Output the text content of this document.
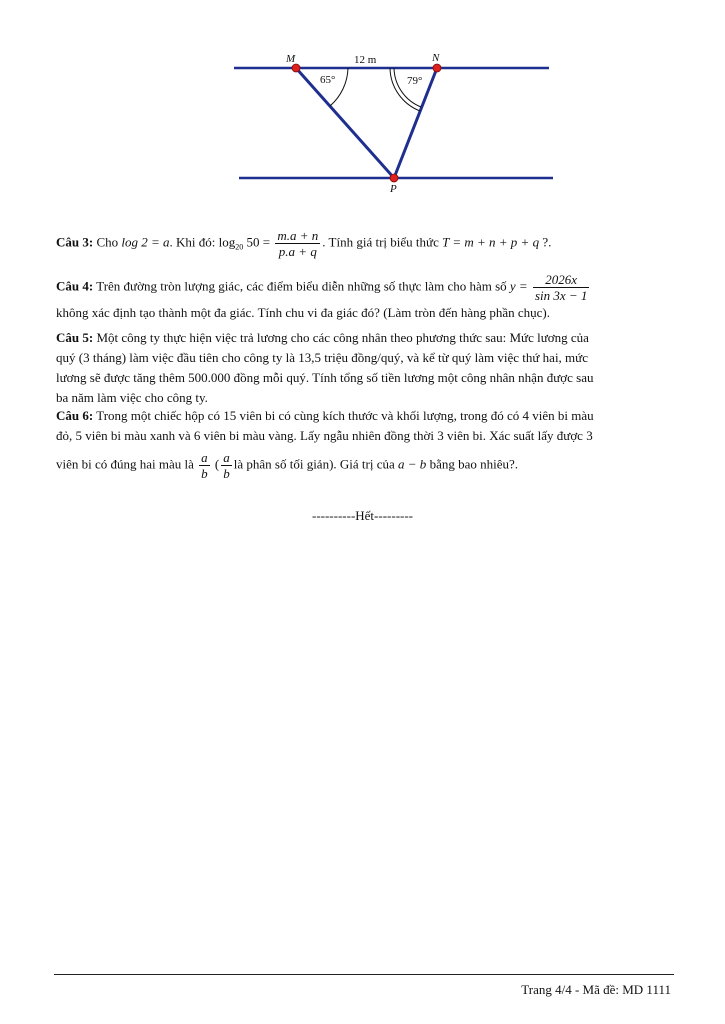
M	N
P
12 m
65°	79°
Câu 3: Cho log 2 = a. Khi đó: $\log_{20} 50 = \frac{m.a + n}{p.a + q}$ . Tính giá trị biểu thức T = m + n + p + q ?.
Câu 4: Trên đường tròn lượng giác, các điểm biểu diễn những số thực làm cho hàm số $y = \frac{2026x}{\sin 3x - 1}$
không xác định tạo thành một đa giác. Tính chu vi đa giác đó? (Làm tròn đến hàng phần chục).
Câu 5: Một công ty thực hiện việc trả lương cho các công nhân theo phương thức sau: Mức lương của
quý (3 tháng) làm việc đầu tiên cho công ty là 13,5 triệu đồng/quý, và kể từ quý làm việc thứ hai, mức
lương sẽ được tăng thêm 500.000 đồng mỗi quý. Tính tổng số tiền lương một công nhân nhận được sau
ba năm làm việc cho công ty.
Câu 6: Trong một chiếc hộp có 15 viên bi có cùng kích thước và khối lượng, trong đó có 4 viên bi màu
đỏ, 5 viên bi màu xanh và 6 viên bi màu vàng. Lấy ngẫu nhiên đồng thời 3 viên bi. Xác suất lấy được 3
viên bi có đúng hai màu là $\frac{a}{b}$ ( $\frac{a}{b}$ là phân số tối giản). Giá trị của a − b bằng bao nhiêu?.
----------Hết---------
Trang 4/4 - Mã đề: MD 1111
